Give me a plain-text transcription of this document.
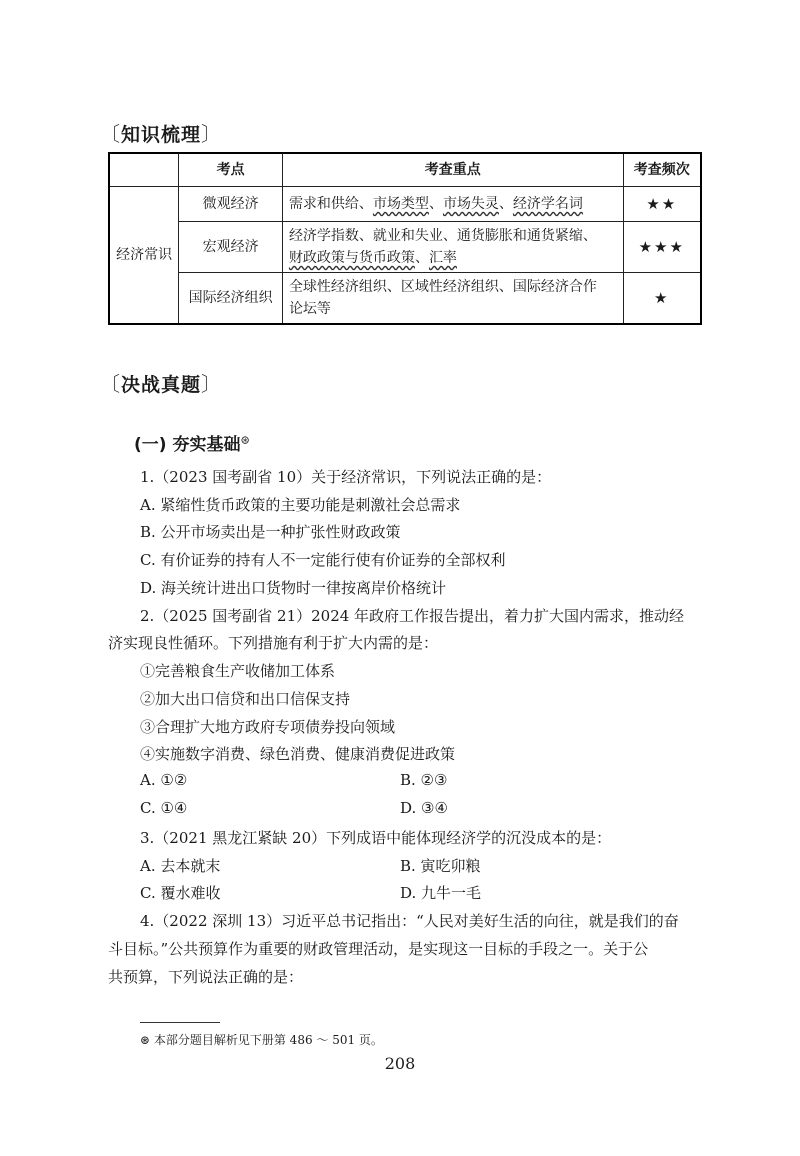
〔知识梳理〕
	考点	考查重点	考查频次
经济常识	微观经济	需求和供给、市场类型、市场失灵、经济学名词	★★
	宏观经济	经济学指数、就业和失业、通货膨胀和通货紧缩、
财政政策与货币政策、汇率	★★★
	国际经济组织	全球性经济组织、区域性经济组织、国际经济合作
论坛等	★
〔决战真题〕
(一) 夯实基础⊛
1.（2023 国考副省 10）关于经济常识，下列说法正确的是：
A. 紧缩性货币政策的主要功能是刺激社会总需求
B. 公开市场卖出是一种扩张性财政政策
C. 有价证券的持有人不一定能行使有价证券的全部权利
D. 海关统计进出口货物时一律按离岸价格统计
2.（2025 国考副省 21）2024 年政府工作报告提出，着力扩大国内需求，推动经
济实现良性循环。下列措施有利于扩大内需的是：
①完善粮食生产收储加工体系
②加大出口信贷和出口信保支持
③合理扩大地方政府专项债券投向领域
④实施数字消费、绿色消费、健康消费促进政策
A. ①②	B. ②③
C. ①④	D. ③④
3.（2021 黑龙江紧缺 20）下列成语中能体现经济学的沉没成本的是：
A. 去本就末	B. 寅吃卯粮
C. 覆水难收	D. 九牛一毛
4.（2022 深圳 13）习近平总书记指出：“人民对美好生活的向往，就是我们的奋
斗目标。”公共预算作为重要的财政管理活动，是实现这一目标的手段之一。关于公
共预算，下列说法正确的是：
⊛ 本部分题目解析见下册第 486 ～ 501 页。
208
